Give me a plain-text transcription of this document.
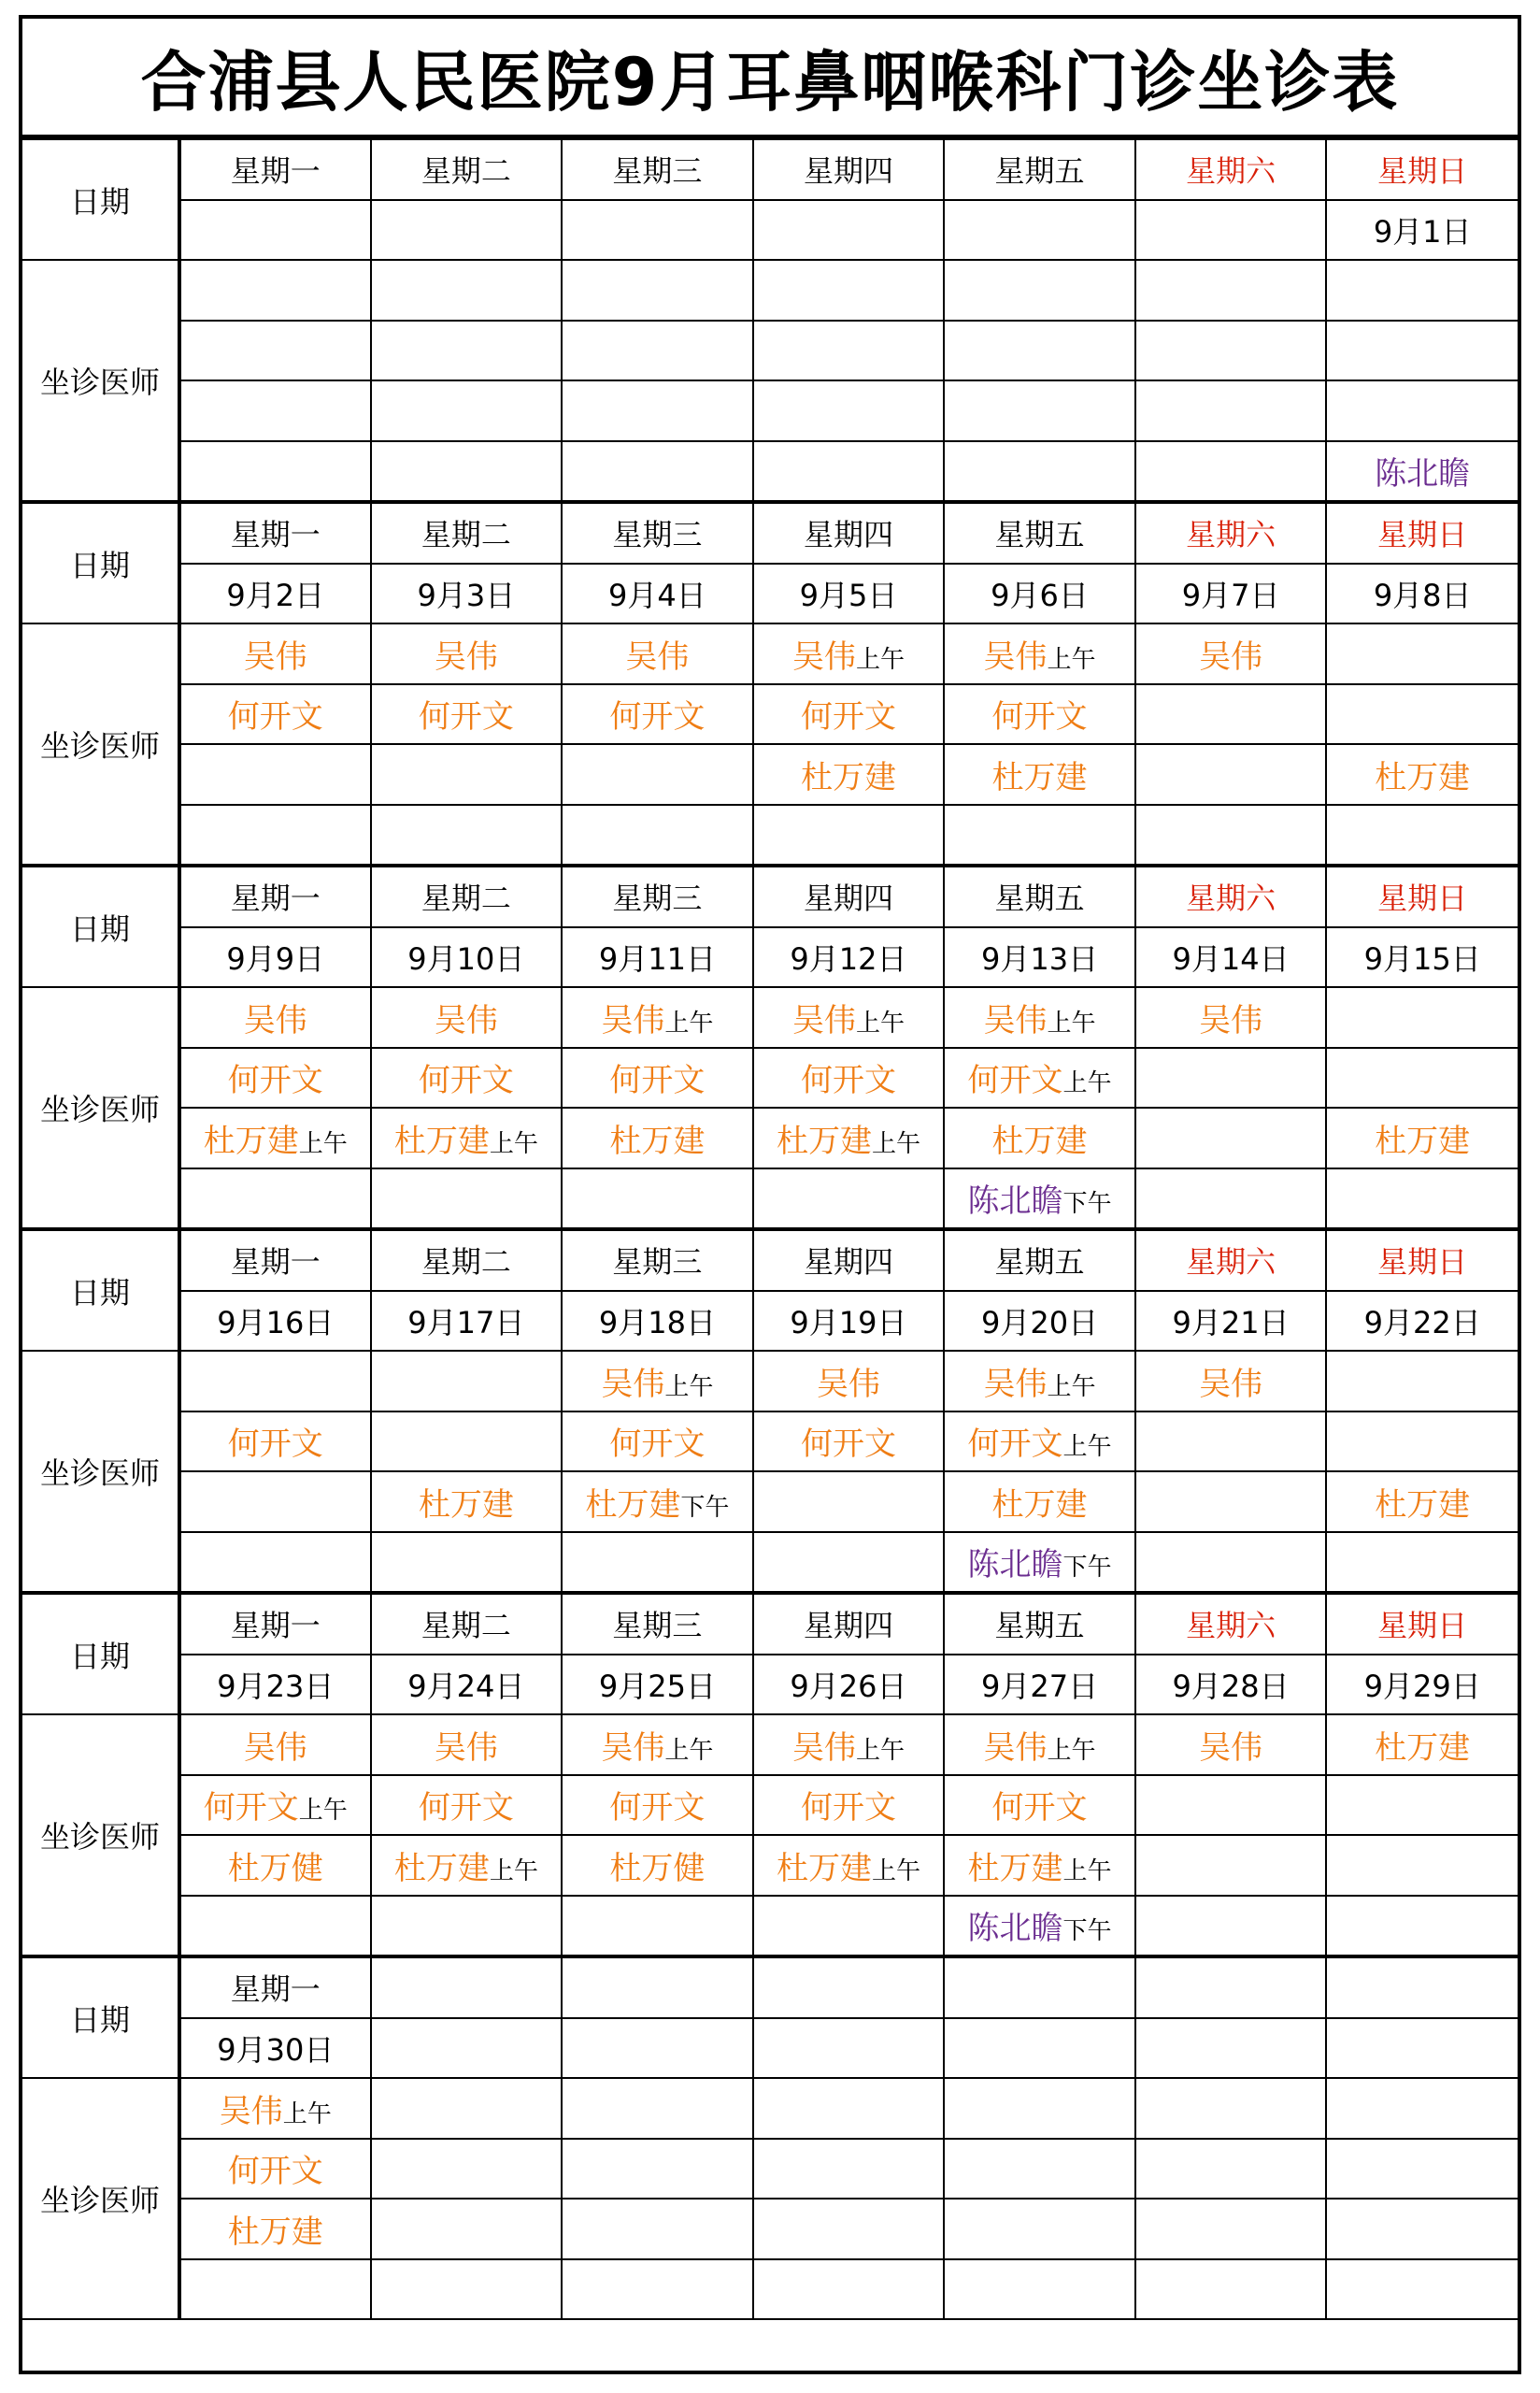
合浦县人民医院9月耳鼻咽喉科门诊坐诊表
日期	星期一	星期二	星期三	星期四	星期五	星期六	星期日
							9月1日
坐诊医师							

							陈北瞻
日期	星期一	星期二	星期三	星期四	星期五	星期六	星期日
	9月2日	9月3日	9月4日	9月5日	9月6日	9月7日	9月8日
坐诊医师	吴伟	吴伟	吴伟	吴伟上午	吴伟上午	吴伟	
	何开文	何开文	何开文	何开文	何开文		
				杜万建	杜万建		杜万建

日期	星期一	星期二	星期三	星期四	星期五	星期六	星期日
	9月9日	9月10日	9月11日	9月12日	9月13日	9月14日	9月15日
坐诊医师	吴伟	吴伟	吴伟上午	吴伟上午	吴伟上午	吴伟	
	何开文	何开文	何开文	何开文	何开文上午		
	杜万建上午	杜万建上午	杜万建	杜万建上午	杜万建		杜万建
					陈北瞻下午		
日期	星期一	星期二	星期三	星期四	星期五	星期六	星期日
	9月16日	9月17日	9月18日	9月19日	9月20日	9月21日	9月22日
坐诊医师			吴伟上午	吴伟	吴伟上午	吴伟	
	何开文		何开文	何开文	何开文上午		
		杜万建	杜万建下午		杜万建		杜万建
					陈北瞻下午		
日期	星期一	星期二	星期三	星期四	星期五	星期六	星期日
	9月23日	9月24日	9月25日	9月26日	9月27日	9月28日	9月29日
坐诊医师	吴伟	吴伟	吴伟上午	吴伟上午	吴伟上午	吴伟	杜万建
	何开文上午	何开文	何开文	何开文	何开文		
	杜万健	杜万建上午	杜万健	杜万建上午	杜万建上午		
					陈北瞻下午		
日期	星期一						
	9月30日						
坐诊医师	吴伟上午						
	何开文						
	杜万建						
